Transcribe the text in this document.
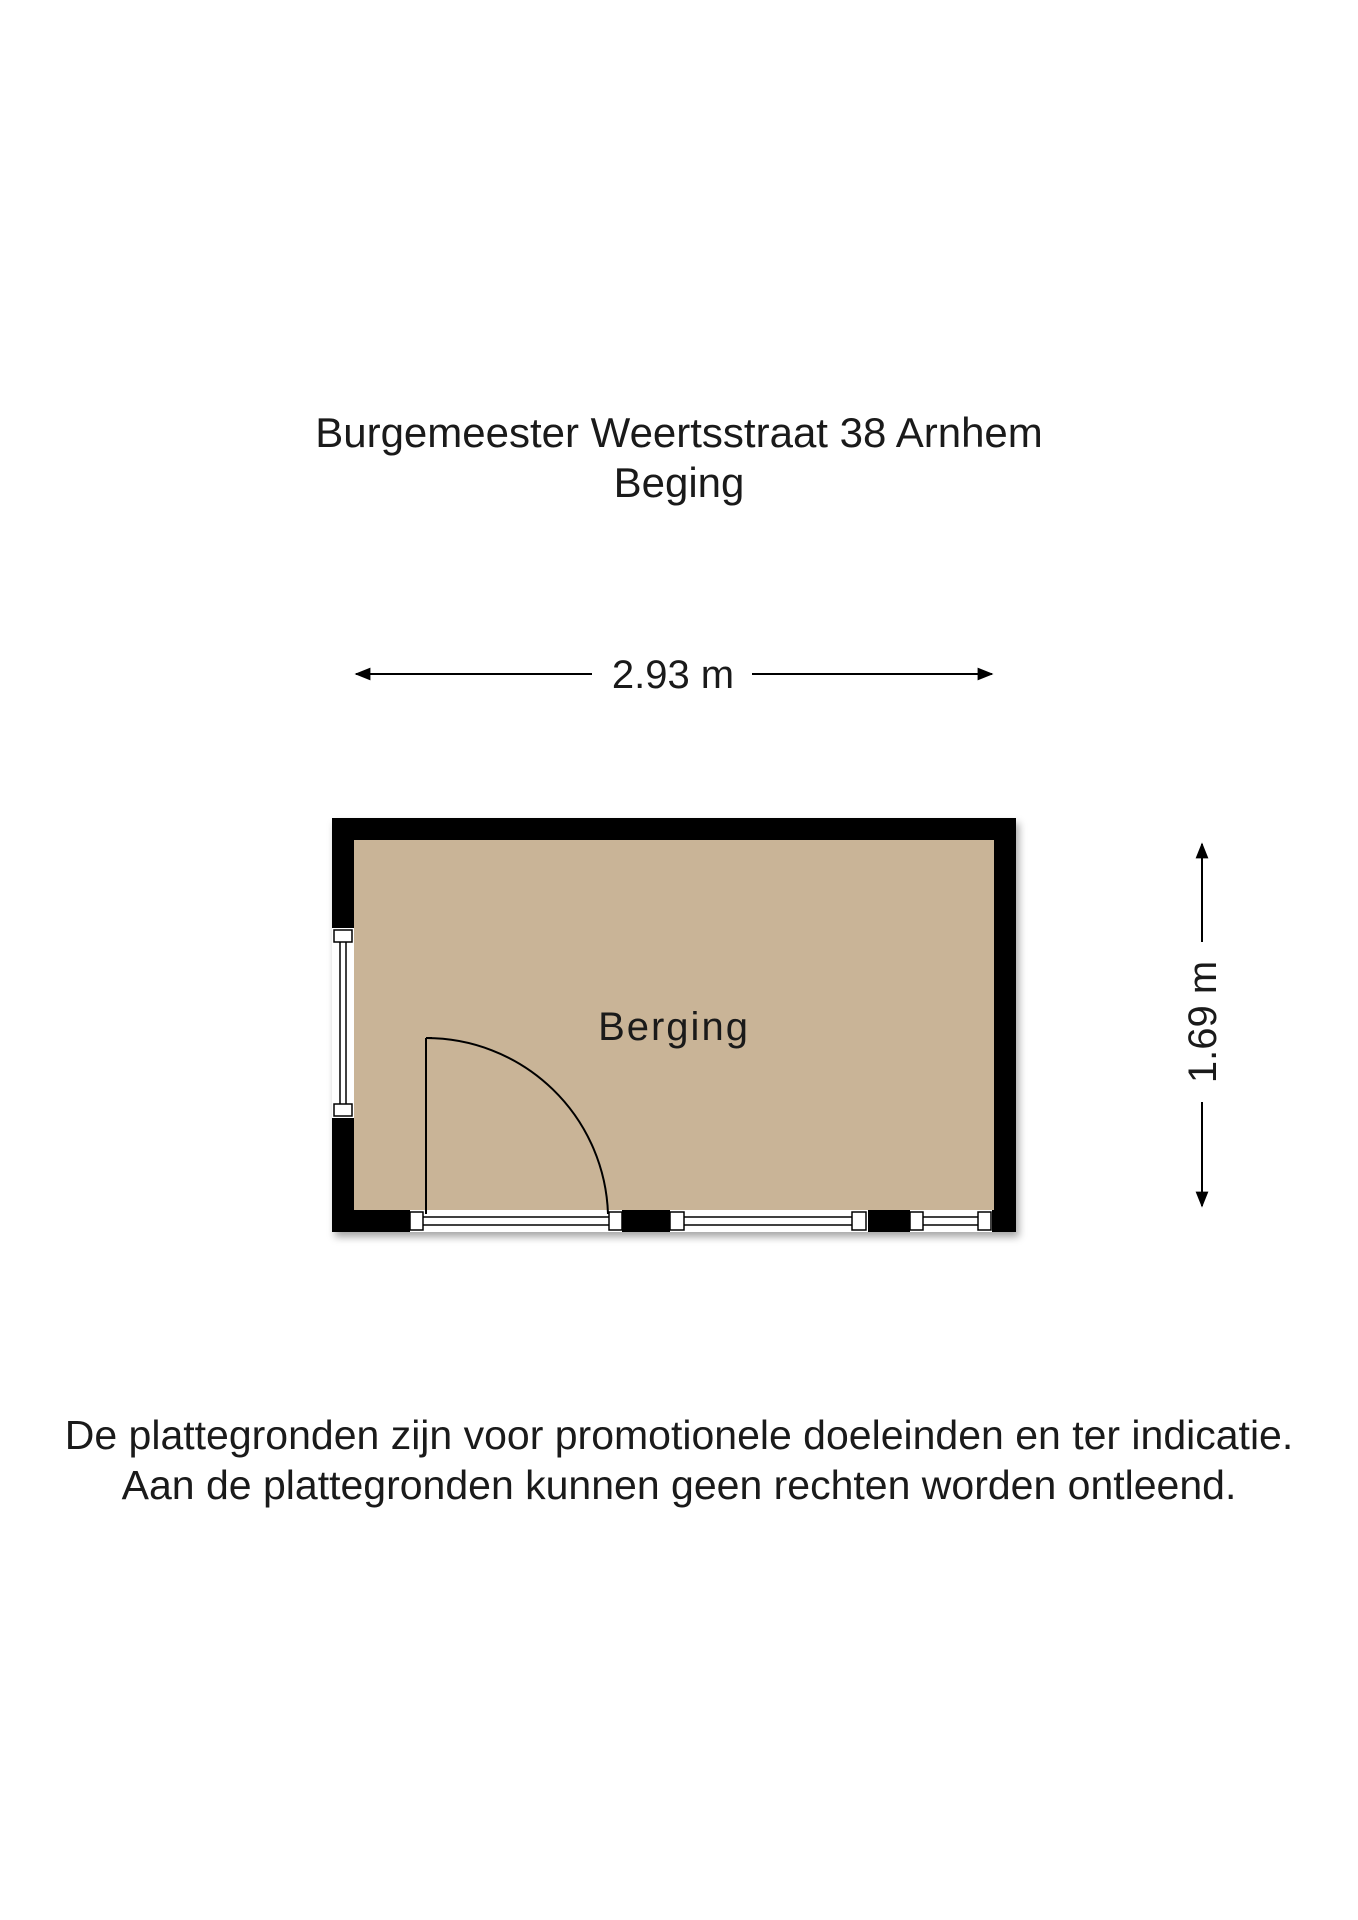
Burgemeester Weertsstraat 38 Arnhem
Beging
2.93 m
1.69 m
Berging
De plattegronden zijn voor promotionele doeleinden en ter indicatie.
Aan de plattegronden kunnen geen rechten worden ontleend.
